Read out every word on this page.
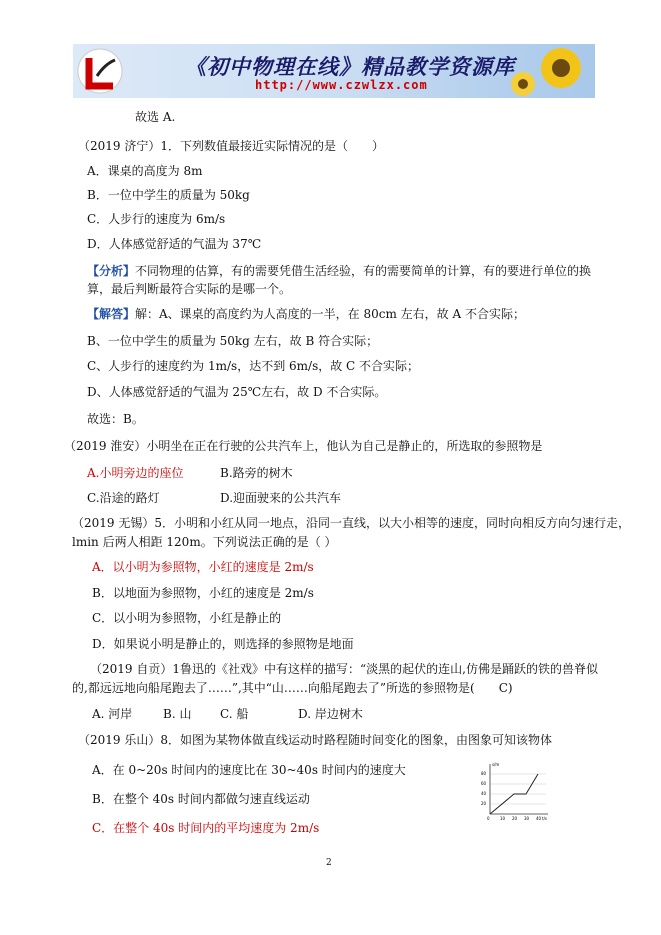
《初中物理在线》精品教学资源库
http://www.czwlzx.com
故选 A.
（2019 济宁）1．下列数值最接近实际情况的是（　　）
A．课桌的高度为 8m
B．一位中学生的质量为 50kg
C．人步行的速度为 6m/s
D．人体感觉舒适的气温为 37℃
【分析】不同物理的估算，有的需要凭借生活经验，有的需要简单的计算，有的要进行单位的换
算，最后判断最符合实际的是哪一个。
【解答】解：A、课桌的高度约为人高度的一半，在 80cm 左右，故 A 不合实际；
B、一位中学生的质量为 50kg 左右，故 B 符合实际；
C、人步行的速度约为 1m/s，达不到 6m/s，故 C 不合实际；
D、人体感觉舒适的气温为 25℃左右，故 D 不合实际。
故选：B。
（2019 淮安）小明坐在正在行驶的公共汽车上，他认为自己是静止的，所选取的参照物是
A.小明旁边的座位	B.路旁的树木
C.沿途的路灯	D.迎面驶来的公共汽车
（2019 无锡）5．小明和小红从同一地点，沿同一直线，以大小相等的速度，同时向相反方向匀速行走，
lmin 后两人相距 120m。下列说法正确的是（ ）
A．以小明为参照物，小红的速度是 2m/s
B．以地面为参照物，小红的速度是 2m/s
C．以小明为参照物，小红是静止的
D．如果说小明是静止的，则选择的参照物是地面
（2019 自贡）1鲁迅的《社戏》中有这样的描写：“淡黑的起伏的连山,仿佛是踊跃的铁的兽脊似
的,都远远地向船尾跑去了……”,其中“山……向船尾跑去了”所选的参照物是(　　C)
A. 河岸	B. 山 C. 船	D. 岸边树木
（2019 乐山）8．如图为某物体做直线运动时路程随时间变化的图象，由图象可知该物体
A．在 0~20s 时间内的速度比在 30~40s 时间内的速度大
B．在整个 40s 时间内都做匀速直线运动
C．在整个 40s 时间内的平均速度为 2m/s
s/m
80
60
40
20
0	10 20 30 40 t/s
2
